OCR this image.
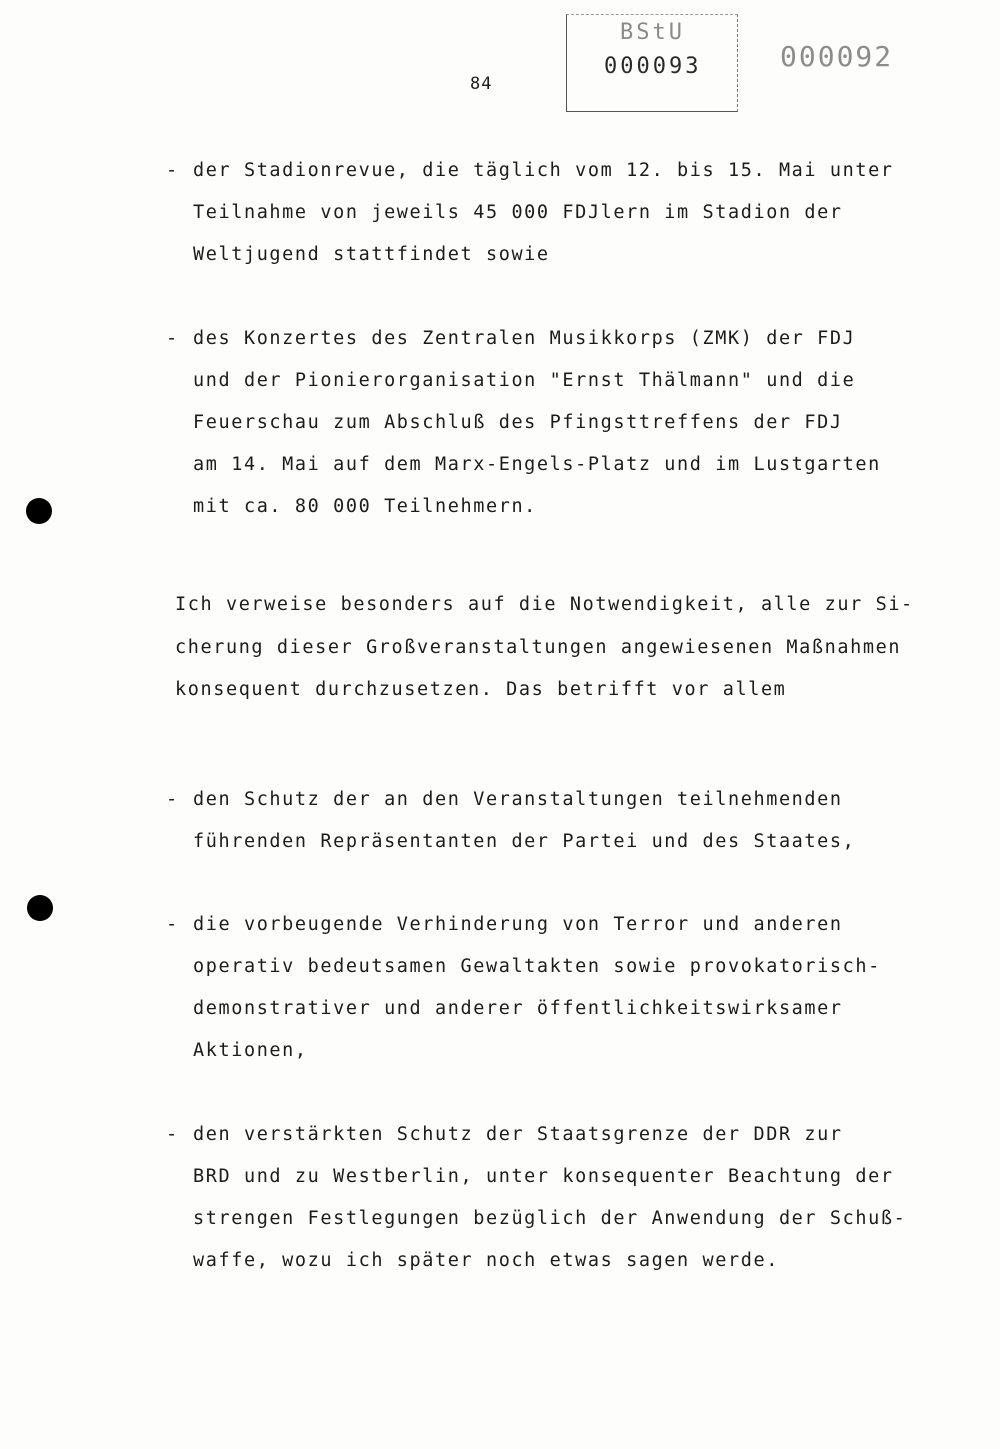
84
BStU
000093	000092
- der Stadionrevue, die täglich vom 12. bis 15. Mai unter
Teilnahme von jeweils 45 000 FDJlern im Stadion der
Weltjugend stattfindet sowie
- des Konzertes des Zentralen Musikkorps (ZMK) der FDJ
und der Pionierorganisation "Ernst Thälmann" und die
Feuerschau zum Abschluß des Pfingsttreffens der FDJ
am 14. Mai auf dem Marx-Engels-Platz und im Lustgarten
mit ca. 80 000 Teilnehmern.
Ich verweise besonders auf die Notwendigkeit, alle zur Si-
cherung dieser Großveranstaltungen angewiesenen Maßnahmen
konsequent durchzusetzen. Das betrifft vor allem
- den Schutz der an den Veranstaltungen teilnehmenden
führenden Repräsentanten der Partei und des Staates,
- die vorbeugende Verhinderung von Terror und anderen
operativ bedeutsamen Gewaltakten sowie provokatorisch-
demonstrativer und anderer öffentlichkeitswirksamer
Aktionen,
- den verstärkten Schutz der Staatsgrenze der DDR zur
BRD und zu Westberlin, unter konsequenter Beachtung der
strengen Festlegungen bezüglich der Anwendung der Schuß-
waffe, wozu ich später noch etwas sagen werde.
